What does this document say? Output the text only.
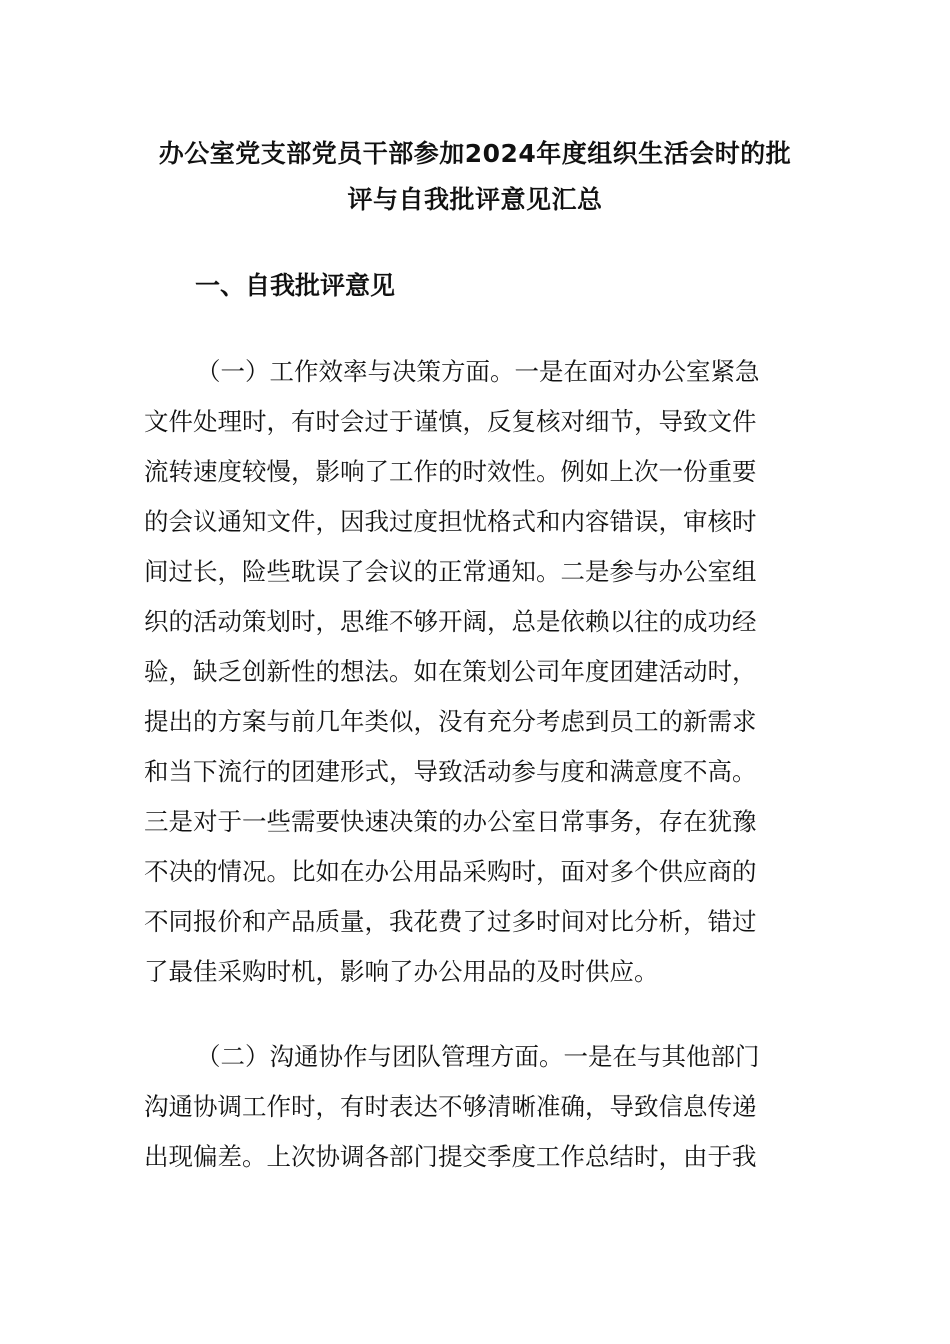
办公室党支部党员干部参加2024年度组织生活会时的批
评与自我批评意见汇总
一、自我批评意见
（一）工作效率与决策方面。一是在面对办公室紧急
文件处理时，有时会过于谨慎，反复核对细节，导致文件
流转速度较慢，影响了工作的时效性。例如上次一份重要
的会议通知文件，因我过度担忧格式和内容错误，审核时
间过长，险些耽误了会议的正常通知。二是参与办公室组
织的活动策划时，思维不够开阔，总是依赖以往的成功经
验，缺乏创新性的想法。如在策划公司年度团建活动时，
提出的方案与前几年类似，没有充分考虑到员工的新需求
和当下流行的团建形式，导致活动参与度和满意度不高。
三是对于一些需要快速决策的办公室日常事务，存在犹豫
不决的情况。比如在办公用品采购时，面对多个供应商的
不同报价和产品质量，我花费了过多时间对比分析，错过
了最佳采购时机，影响了办公用品的及时供应。
（二）沟通协作与团队管理方面。一是在与其他部门
沟通协调工作时，有时表达不够清晰准确，导致信息传递
出现偏差。上次协调各部门提交季度工作总结时，由于我
